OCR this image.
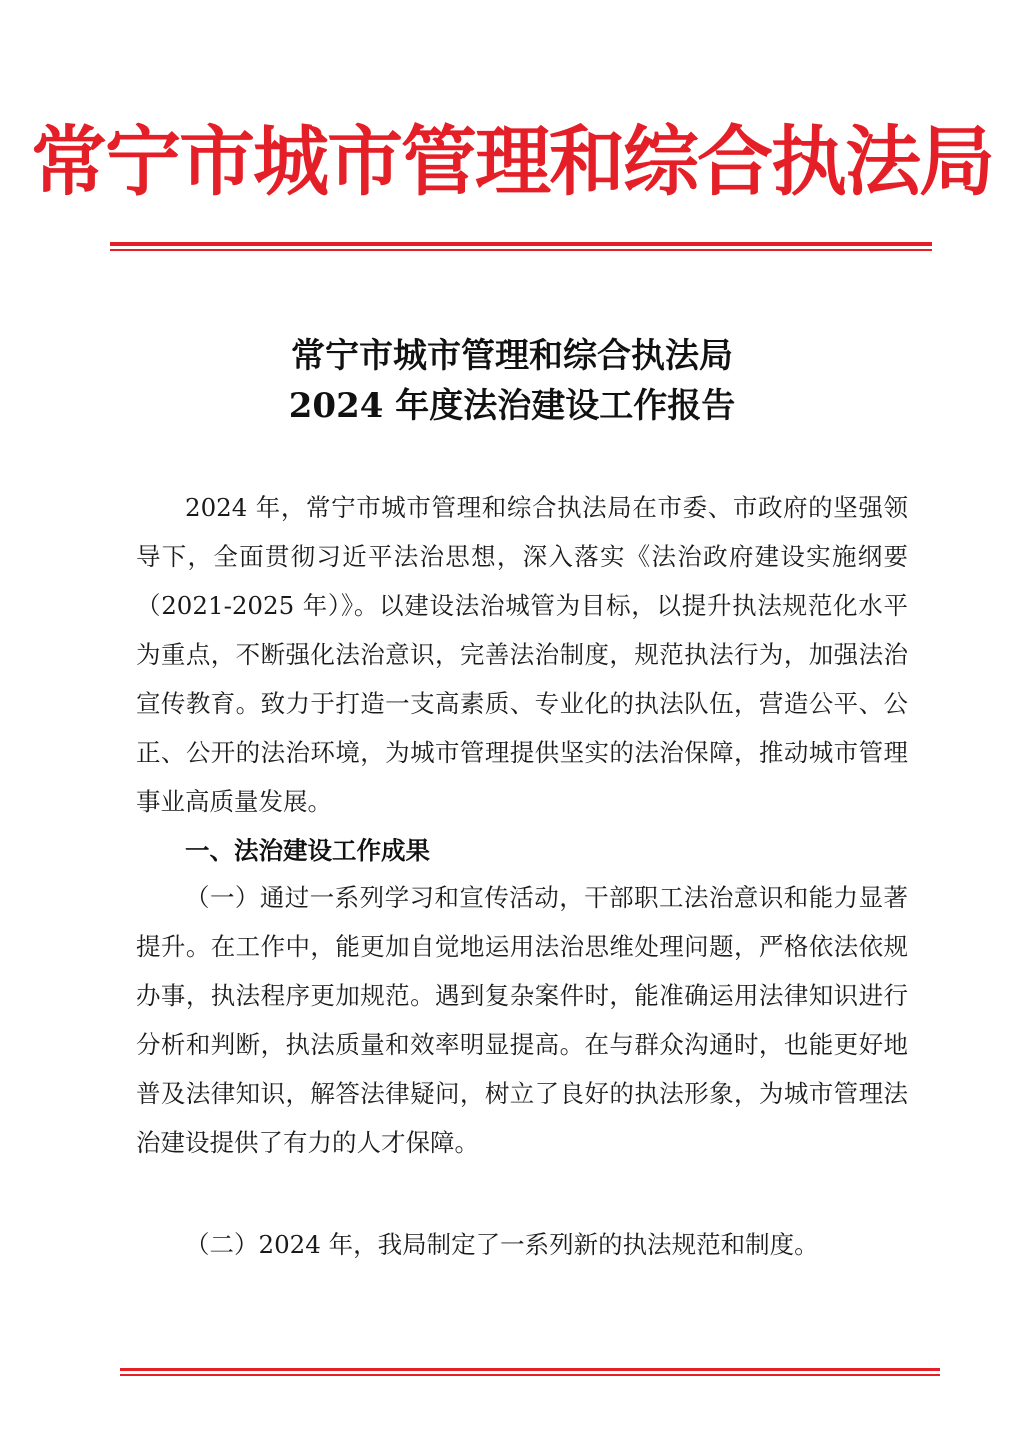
常宁市城市管理和综合执法局
常宁市城市管理和综合执法局
2024 年度法治建设工作报告

2024 年，常宁市城市管理和综合执法局在市委、市政府的坚强领导下，全面贯彻习近平法治思想，深入落实《法治政府建设实施纲要（2021-2025 年）》。以建设法治城管为目标，以提升执法规范化水平为重点，不断强化法治意识，完善法治制度，规范执法行为，加强法治宣传教育。致力于打造一支高素质、专业化的执法队伍，营造公平、公正、公开的法治环境，为城市管理提供坚实的法治保障，推动城市管理事业高质量发展。

一、法治建设工作成果

（一）通过一系列学习和宣传活动，干部职工法治意识和能力显著提升。在工作中，能更加自觉地运用法治思维处理问题，严格依法依规办事，执法程序更加规范。遇到复杂案件时，能准确运用法律知识进行分析和判断，执法质量和效率明显提高。在与群众沟通时，也能更好地普及法律知识，解答法律疑问，树立了良好的执法形象，为城市管理法治建设提供了有力的人才保障。

（二）2024 年，我局制定了一系列新的执法规范和制度。
